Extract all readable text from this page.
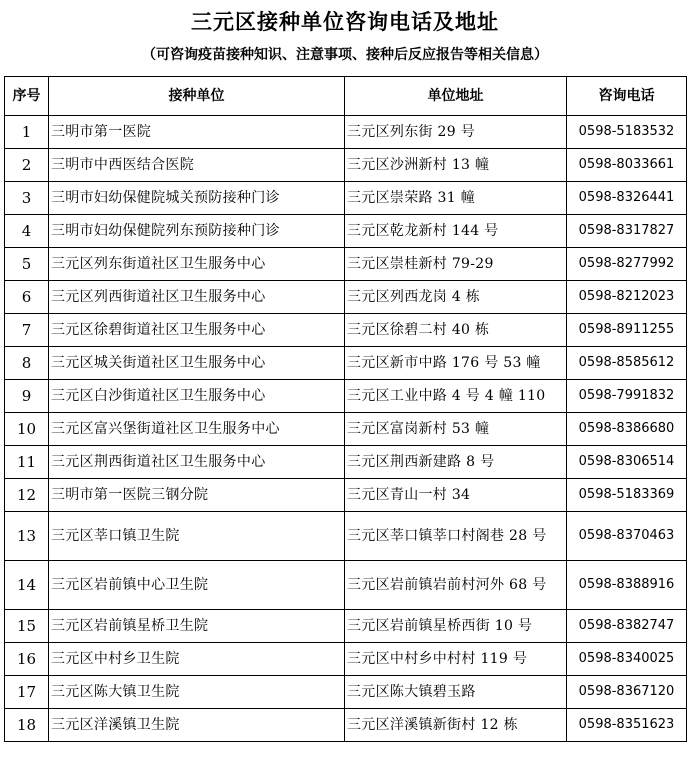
三元区接种单位咨询电话及地址
（可咨询疫苗接种知识、注意事项、接种后反应报告等相关信息）
序号	接种单位	单位地址	咨询电话
1	三明市第一医院	三元区列东街 29 号	0598-5183532
2	三明市中西医结合医院	三元区沙洲新村 13 幢	0598-8033661
3	三明市妇幼保健院城关预防接种门诊	三元区崇荣路 31 幢	0598-8326441
4	三明市妇幼保健院列东预防接种门诊	三元区乾龙新村 144 号	0598-8317827
5	三元区列东街道社区卫生服务中心	三元区崇桂新村 79-29	0598-8277992
6	三元区列西街道社区卫生服务中心	三元区列西龙岗 4 栋	0598-8212023
7	三元区徐碧街道社区卫生服务中心	三元区徐碧二村 40 栋	0598-8911255
8	三元区城关街道社区卫生服务中心	三元区新市中路 176 号 53 幢	0598-8585612
9	三元区白沙街道社区卫生服务中心	三元区工业中路 4 号 4 幢 110	0598-7991832
10	三元区富兴堡街道社区卫生服务中心	三元区富岗新村 53 幢	0598-8386680
11	三元区荆西街道社区卫生服务中心	三元区荆西新建路 8 号	0598-8306514
12	三明市第一医院三钢分院	三元区青山一村 34	0598-5183369
13	三元区莘口镇卫生院	三元区莘口镇莘口村阁巷 28 号	0598-8370463
14	三元区岩前镇中心卫生院	三元区岩前镇岩前村河外 68 号	0598-8388916
15	三元区岩前镇星桥卫生院	三元区岩前镇星桥西街 10 号	0598-8382747
16	三元区中村乡卫生院	三元区中村乡中村村 119 号	0598-8340025
17	三元区陈大镇卫生院	三元区陈大镇碧玉路	0598-8367120
18	三元区洋溪镇卫生院	三元区洋溪镇新街村 12 栋	0598-8351623
